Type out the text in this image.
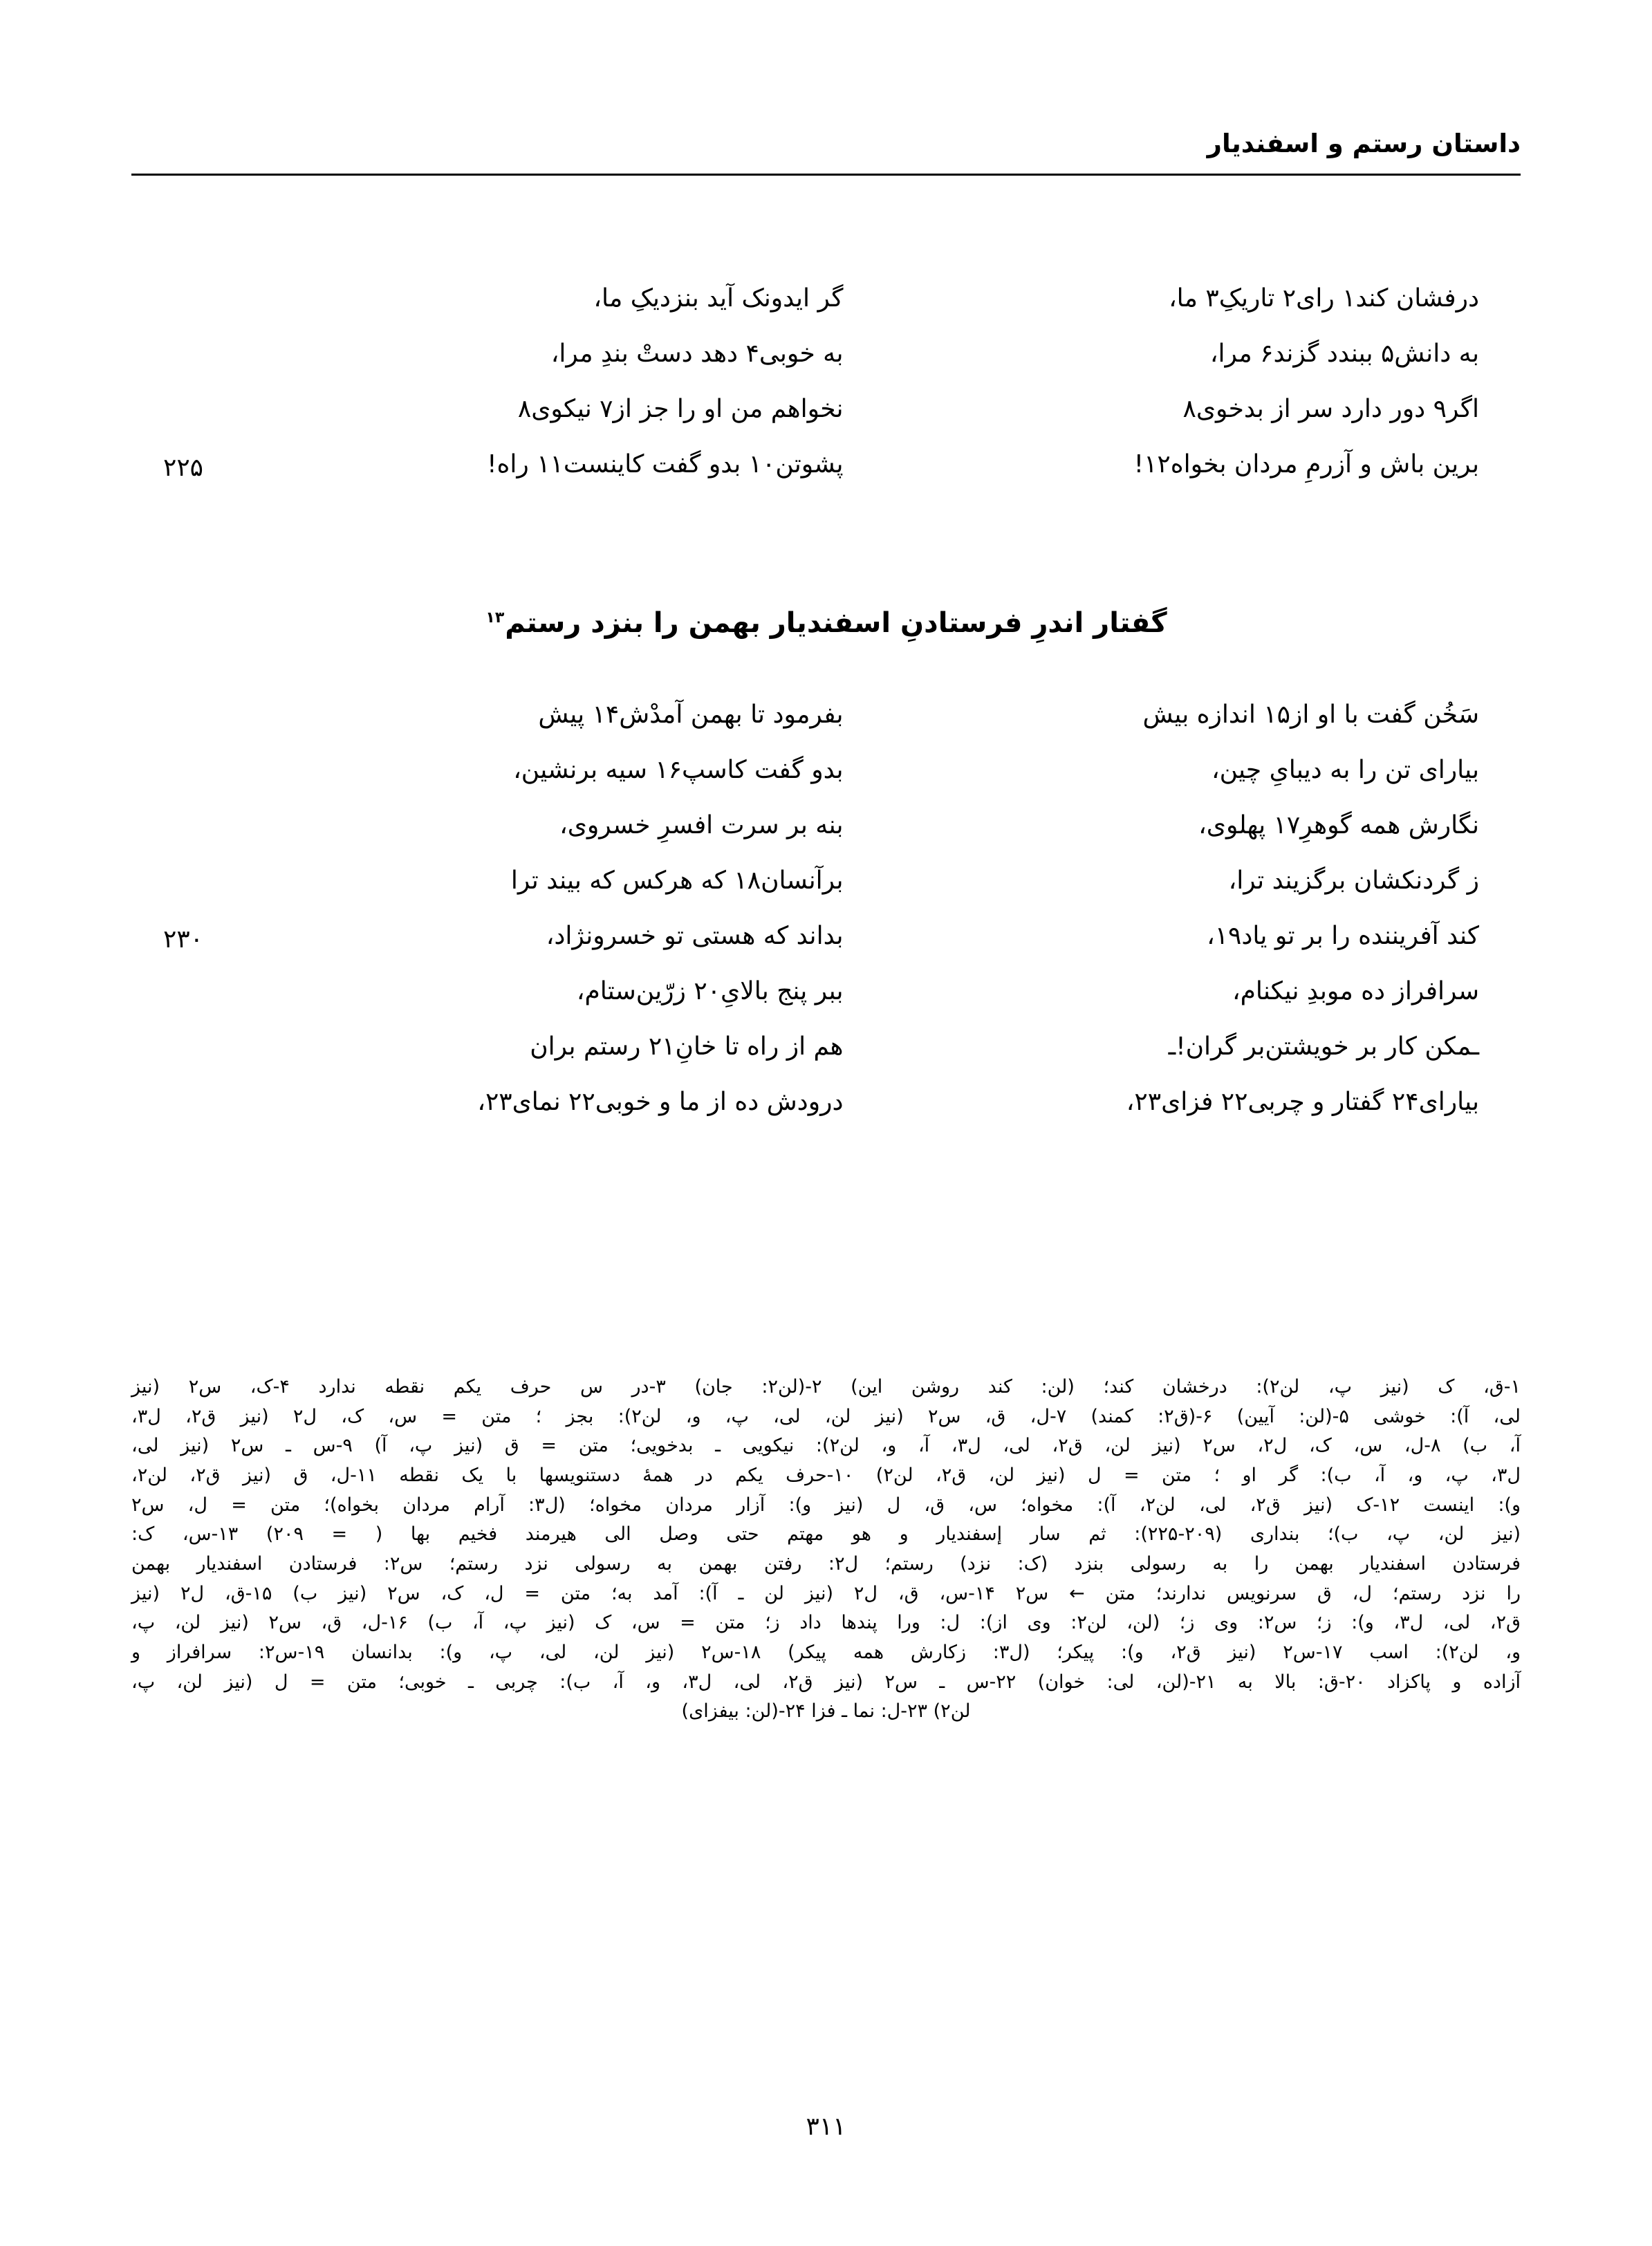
داستان رستم و اسفندیار
درفشان کند۱ رای۲ تاریکِ۳ ما،
گر ایدونک آید بنزدیکِ ما،
به دانش۵ ببندد گزند۶ مرا،
به خوبی۴ دهد دستْ بندِ مرا،
اگر۹ دور دارد سر از بدخوی۸
نخواهم من او را جز از۷ نیکوی۸
برین باش و آزرمِ مردان بخواه۱۲!
پشوتن۱۰ بدو گفت کاینست۱۱ راه!
۲۲۵
گفتار اندرِ فرستادنِ اسفندیار بهمن را بنزد رستم$^{۱۳}$
سَخُن گفت با او از۱۵ اندازه بیش
بفرمود تا بهمن آمدْش۱۴ پیش
بیارای تن را به دیبایِ چین،
بدو گفت کاسپ۱۶ سیه برنشین،
نگارش همه گوهرِ۱۷ پهلوی،
بنه بر سرت افسرِ خسروی،
ز گردنکشان برگزیند ترا،
برآنسان۱۸ که هرکس که بیند ترا
کند آفریننده را بر تو یاد۱۹،
بداند که هستی تو خسرونژاد،
۲۳۰
سرافراز ده موبدِ نیکنام،
ببر پنج بالایِ۲۰ زرّین‌ستام،
ـمکن کار بر خویشتن‌بر گران!ـ
هم از راه تا خانِ۲۱ رستم بران
بیارای۲۴ گفتار و چربی۲۲ فزای۲۳،
درودش ده از ما و خوبی۲۲ نمای۲۳،

۱-ق، ک (نیز پ، لن۲): درخشان کند؛ (لن: کند روشن این) ۲-(لن۲: جان) ۳-در س حرف یکم نقطه ندارد ۴-ک، س۲ (نیز

لی، آ): خوشی ۵-(لن: آیین) ۶-(ق۲: کمند) ۷-ل، ق، س۲ (نیز لن، لی، پ، و، لن۲): بجز ؛ متن = س، ک، ل۲ (نیز ق۲، ل۳،

آ، ب) ۸-ل، س، ک، ل۲، س۲ (نیز لن، ق۲، لی، ل۳، آ، و، لن۲): نیکویی ـ بدخویی؛ متن = ق (نیز پ، آ) ۹-س ـ س۲ (نیز لی،

ل۳، پ، و، آ، ب): گر او ؛ متن = ل (نیز لن، ق۲، لن۲) ۱۰-حرف یکم در همهٔ دستنویسها با یک نقطه ۱۱-ل، ق (نیز ق۲، لن۲،

و): اینست ۱۲-ک (نیز ق۲، لی، لن۲، آ): مخواه؛ س، ق، ل (نیز و): آزار مردان مخواه؛ (ل۳: آرام مردان بخواه)؛ متن = ل، س۲

(نیز لن، پ، ب)؛ بنداری (۲۰۹-۲۲۵): ثم سار إسفندیار و هو مهتم حتی وصل الی هیرمند فخیم بها ( = ۲۰۹) ۱۳-س، ک:

فرستادن اسفندیار بهمن را به رسولی بنزد (ک: نزد) رستم؛ ل۲: رفتن بهمن به رسولی نزد رستم؛ س۲: فرستادن اسفندیار بهمن

را نزد رستم؛ ل، ق سرنویس ندارند؛ متن ← س۲ ۱۴-س، ق، ل۲ (نیز لن ـ آ): آمد به؛ متن = ل، ک، س۲ (نیز ب) ۱۵-ق، ل۲ (نیز

ق۲، لی، ل۳، و): ز؛ س۲: وی ز؛ (لن، لن۲: وی از): ل: ورا پندها داد ز؛ متن = س، ک (نیز پ، آ، ب) ۱۶-ل، ق، س۲ (نیز لن، پ،

و، لن۲): اسب ۱۷-س۲ (نیز ق۲، و): پیکر؛ (ل۳: زکارش همه پیکر) ۱۸-س۲ (نیز لن، لی، پ، و): بدانسان ۱۹-س۲: سرافراز و

آزاده و پاکزاد ۲۰-ق: بالا به ۲۱-(لن، لی: خوان) ۲۲-س ـ س۲ (نیز ق۲، لی، ل۳، و، آ، ب): چربی ـ خوبی؛ متن = ل (نیز لن، پ،

لن۲) ۲۳-ل: نما ـ فزا ۲۴-(لن: بیفزای)

۳۱۱
